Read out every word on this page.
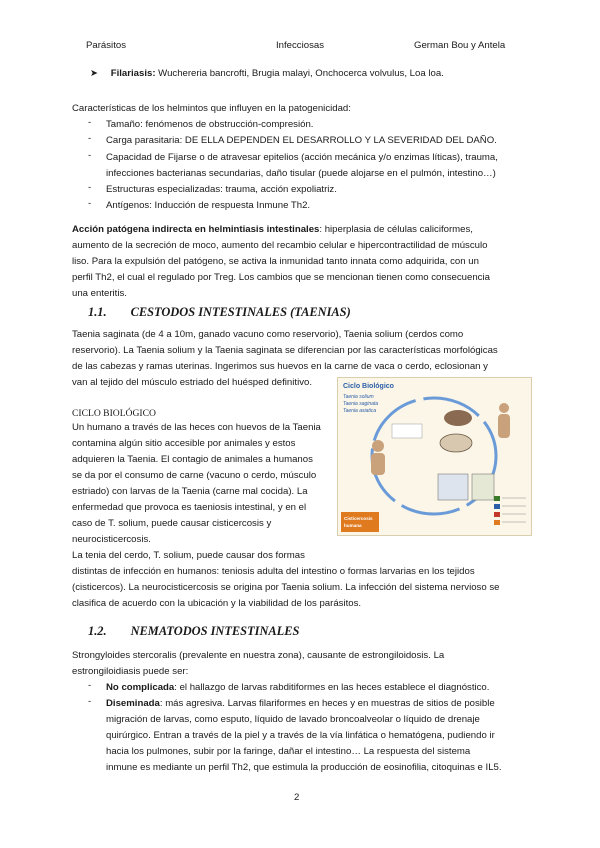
Parásitos	Infecciosas	German Bou y Antela
➤ Filariasis: Wuchereria bancrofti, Brugia malayi, Onchocerca volvulus, Loa loa.
Características de los helmintos que influyen en la patogenicidad:
- Tamaño: fenómenos de obstrucción-compresión.
- Carga parasitaria: DE ELLA DEPENDEN EL DESARROLLO Y LA SEVERIDAD DEL DAÑO.
- Capacidad de Fijarse o de atravesar epitelios (acción mecánica y/o enzimas líticas), trauma,
infecciones bacterianas secundarias, daño tisular (puede alojarse en el pulmón, intestino…)
- Estructuras especializadas: trauma, acción expoliatriz.
- Antígenos: Inducción de respuesta Inmune Th2.
Acción patógena indirecta en helmintiasis intestinales: hiperplasia de células caliciformes,
aumento de la secreción de moco, aumento del recambio celular e hipercontractilidad de músculo
liso. Para la expulsión del patógeno, se activa la inmunidad tanto innata como adquirida, con un
perfil Th2, el cual el regulado por Treg. Los cambios que se mencionan tienen como consecuencia
una enteritis.
1.1. CESTODOS INTESTINALES (TAENIAS)
Taenia saginata (de 4 a 10m, ganado vacuno como reservorio), Taenia solium (cerdos como
reservorio). La Taenia solium y la Taenia saginata se diferencian por las características morfológicas
de las cabezas y ramas uterinas. Ingerimos sus huevos en la carne de vaca o cerdo, eclosionan y
van al tejido del músculo estriado del huésped definitivo.
CICLO BIOLÓGICO
Un humano a través de las heces con huevos de la Taenia
contamina algún sitio accesible por animales y estos
adquieren la Taenia. El contagio de animales a humanos
se da por el consumo de carne (vacuno o cerdo, músculo
estriado) con larvas de la Taenia (carne mal cocida). La
enfermedad que provoca es taeniosis intestinal, y en el
caso de T. solium, puede causar cisticercosis y
neurocisticercosis.
Ciclo Biológico
Taenia solium
Taenia saginata
Taenia asiatica
Cisticercosis
humana
La tenia del cerdo, T. solium, puede causar dos formas
distintas de infección en humanos: teniosis adulta del intestino o formas larvarias en los tejidos
(cisticercos). La neurocisticercosis se origina por Taenia solium. La infección del sistema nervioso se
clasifica de acuerdo con la ubicación y la viabilidad de los parásitos.
1.2. NEMATODOS INTESTINALES
Strongyloides stercoralis (prevalente en nuestra zona), causante de estrongiloidosis. La
estrongiloidiasis puede ser:
- No complicada: el hallazgo de larvas rabditiformes en las heces establece el diagnóstico.
- Diseminada: más agresiva. Larvas filariformes en heces y en muestras de sitios de posible
migración de larvas, como esputo, líquido de lavado broncoalveolar o líquido de drenaje
quirúrgico. Entran a través de la piel y a través de la vía linfática o hematógena, pudiendo ir
hacia los pulmones, subir por la faringe, dañar el intestino… La respuesta del sistema
inmune es mediante un perfil Th2, que estimula la producción de eosinofilia, citoquinas e IL5.
2
